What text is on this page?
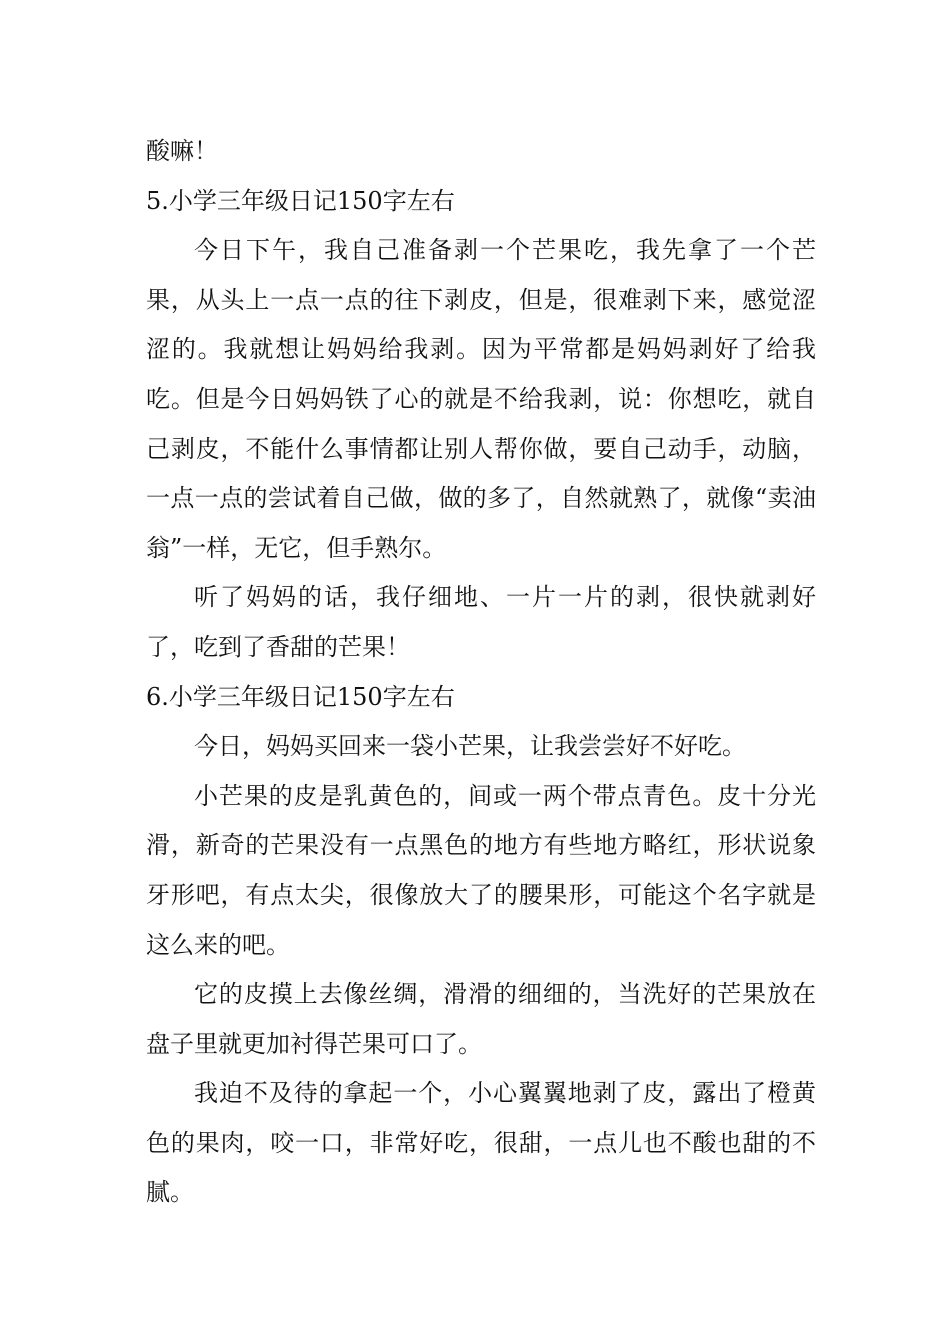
酸嘛！

5.小学三年级日记150字左右

今日下午，我自己准备剥一个芒果吃，我先拿了一个芒果，从头上一点一点的往下剥皮，但是，很难剥下来，感觉涩涩的。我就想让妈妈给我剥。因为平常都是妈妈剥好了给我吃。但是今日妈妈铁了心的就是不给我剥，说：你想吃，就自己剥皮，不能什么事情都让别人帮你做，要自己动手，动脑，一点一点的尝试着自己做，做的多了，自然就熟了，就像“卖油翁”一样，无它，但手熟尔。

听了妈妈的话，我仔细地、一片一片的剥，很快就剥好了，吃到了香甜的芒果！

6.小学三年级日记150字左右

今日，妈妈买回来一袋小芒果，让我尝尝好不好吃。

小芒果的皮是乳黄色的，间或一两个带点青色。皮十分光滑，新奇的芒果没有一点黑色的地方有些地方略红，形状说象牙形吧，有点太尖，很像放大了的腰果形，可能这个名字就是这么来的吧。

它的皮摸上去像丝绸，滑滑的细细的，当洗好的芒果放在盘子里就更加衬得芒果可口了。

我迫不及待的拿起一个，小心翼翼地剥了皮，露出了橙黄色的果肉，咬一口，非常好吃，很甜，一点儿也不酸也甜的不腻。
